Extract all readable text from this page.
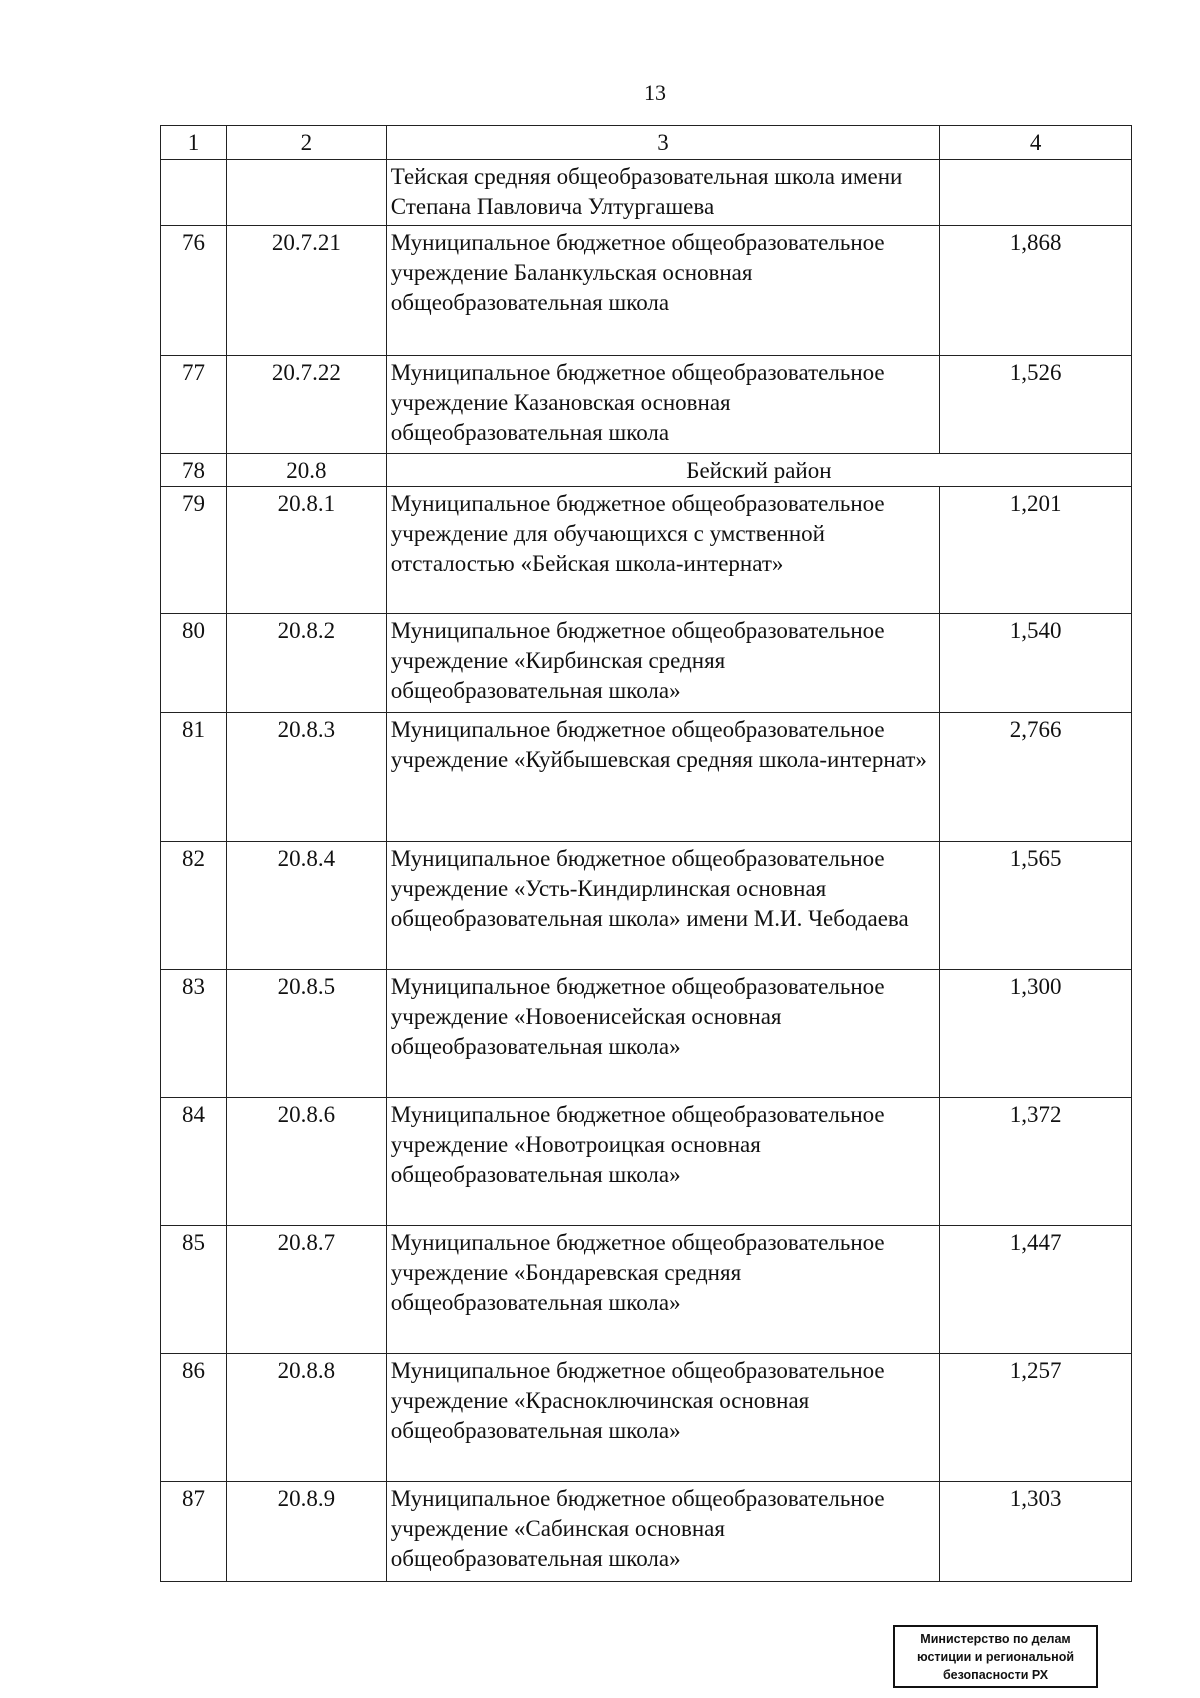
13
1	2	3	4
		Тейская средняя общеобразовательная школа имени Степана Павловича Ултургашева	
76	20.7.21	Муниципальное бюджетное общеобразовательное учреждение Баланкульская основная общеобразовательная школа	1,868
77	20.7.22	Муниципальное бюджетное общеобразовательное учреждение Казановская основная общеобразовательная школа	1,526
78	20.8	Бейский район	
79	20.8.1	Муниципальное бюджетное общеобразовательное учреждение для обучающихся с умственной отсталостью «Бейская школа-интернат»	1,201
80	20.8.2	Муниципальное бюджетное общеобразовательное учреждение «Кирбинская средняя общеобразовательная школа»	1,540
81	20.8.3	Муниципальное бюджетное общеобразовательное учреждение «Куйбышевская средняя школа-интернат»	2,766
82	20.8.4	Муниципальное бюджетное общеобразовательное учреждение «Усть-Киндирлинская основная общеобразовательная школа» имени М.И. Чебодаева	1,565
83	20.8.5	Муниципальное бюджетное общеобразовательное учреждение «Новоенисейская основная общеобразовательная школа»	1,300
84	20.8.6	Муниципальное бюджетное общеобразовательное учреждение «Новотроицкая основная общеобразовательная школа»	1,372
85	20.8.7	Муниципальное бюджетное общеобразовательное учреждение «Бондаревская средняя общеобразовательная школа»	1,447
86	20.8.8	Муниципальное бюджетное общеобразовательное учреждение «Красноключинская основная общеобразовательная школа»	1,257
87	20.8.9	Муниципальное бюджетное общеобразовательное учреждение «Сабинская основная общеобразовательная школа»	1,303
Министерство по делам
юстиции и региональной
безопасности РХ
